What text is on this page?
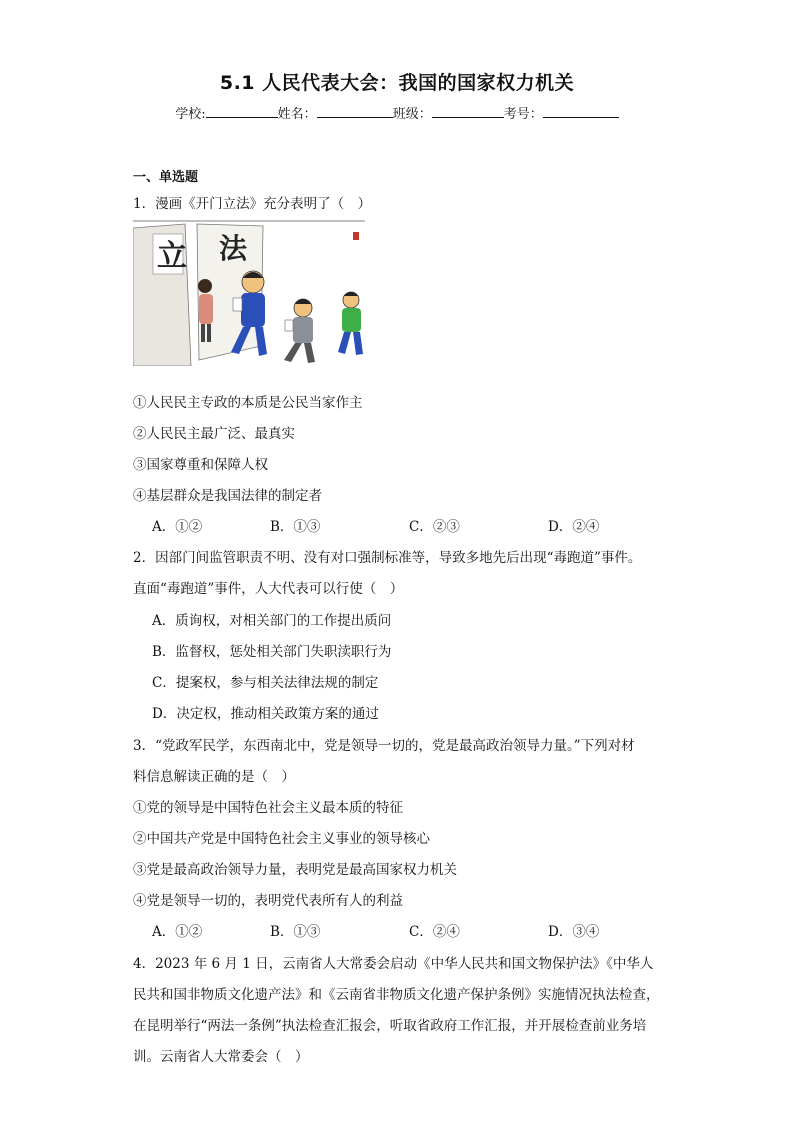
5.1 人民代表大会：我国的国家权力机关
学校:	姓名：	班级：	考号：
一、单选题
1．漫画《开门立法》充分表明了（　）
立 法
①人民民主专政的本质是公民当家作主
②人民民主最广泛、最真实
③国家尊重和保障人权
④基层群众是我国法律的制定者
A．①②	B．①③	C．②③	D．②④
2．因部门间监管职责不明、没有对口强制标准等，导致多地先后出现“毒跑道”事件。
直面“毒跑道”事件，人大代表可以行使（　）
A．质询权，对相关部门的工作提出质问
B．监督权，惩处相关部门失职渎职行为
C．提案权，参与相关法律法规的制定
D．决定权，推动相关政策方案的通过
3．“党政军民学，东西南北中，党是领导一切的，党是最高政治领导力量。”下列对材
料信息解读正确的是（　）
①党的领导是中国特色社会主义最本质的特征
②中国共产党是中国特色社会主义事业的领导核心
③党是最高政治领导力量，表明党是最高国家权力机关
④党是领导一切的，表明党代表所有人的利益
A．①②	B．①③	C．②④	D．③④
4．2023 年 6 月 1 日，云南省人大常委会启动《中华人民共和国文物保护法》《中华人
民共和国非物质文化遗产法》和《云南省非物质文化遗产保护条例》实施情况执法检查，
在昆明举行“两法一条例”执法检查汇报会，听取省政府工作汇报，并开展检查前业务培
训。云南省人大常委会（　）
